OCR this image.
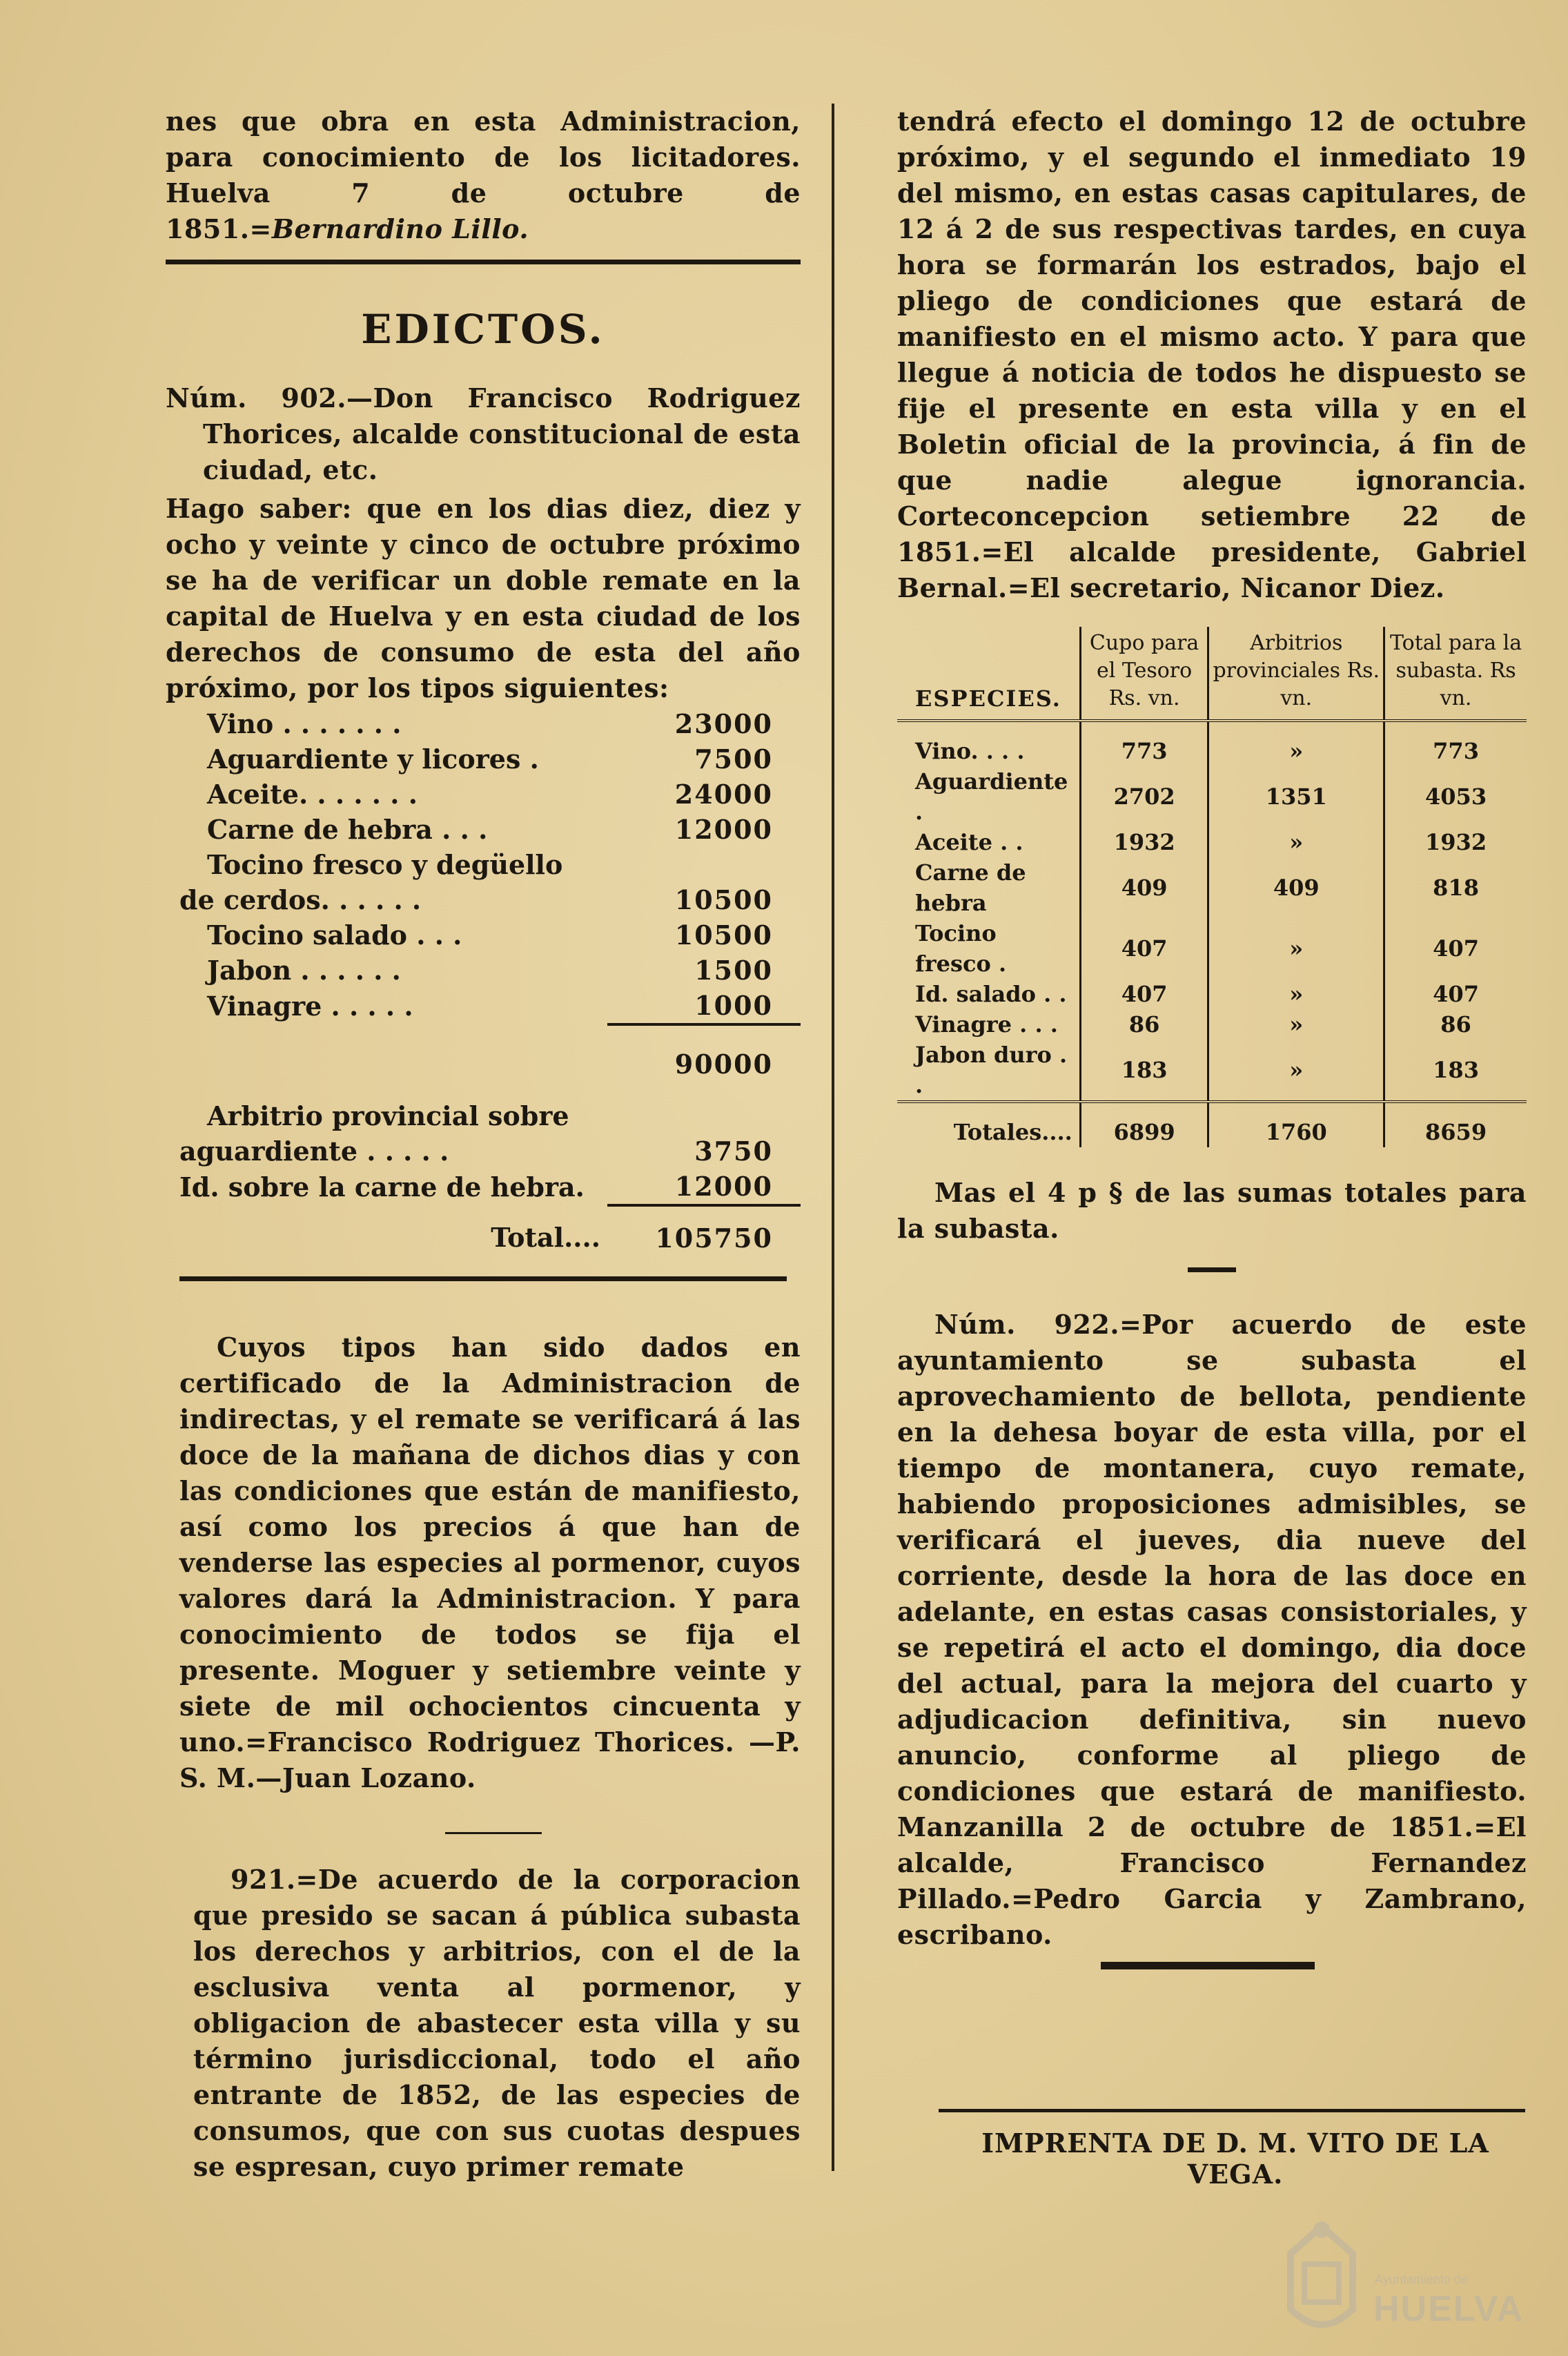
nes que obra en esta Administracion, para conocimiento de los licitadores. Huelva 7 de octubre de 1851.=Bernardino Lillo.

EDICTOS.

Núm. 902.—Don Francisco Rodriguez Thorices, alcalde constitucional de esta ciudad, etc.

Hago saber: que en los dias diez, diez y ocho y veinte y cinco de octubre próximo se ha de verificar un doble remate en la capital de Huelva y en esta ciudad de los derechos de consumo de esta del año próximo, por los tipos siguientes:

Vino . . . . . . .	23000
Aguardiente y licores .	7500
Aceite. . . . . . .	24000
Carne de hebra . . .	12000
Tocino fresco y degüello	
de cerdos. . . . . .	10500
Tocino salado . . .	10500
Jabon . . . . . .	1500
Vinagre . . . . .	1000
	90000
Arbitrio provincial sobre	
aguardiente . . . . .	3750
Id. sobre la carne de hebra.	12000
Total....	105750

Cuyos tipos han sido dados en certificado de la Administracion de indirectas, y el remate se verificará á las doce de la mañana de dichos dias y con las condiciones que están de manifiesto, así como los precios á que han de venderse las especies al pormenor, cuyos valores dará la Administracion. Y para conocimiento de todos se fija el presente. Moguer y setiembre veinte y siete de mil ochocientos cincuenta y uno.=Francisco Rodriguez Thorices. —P. S. M.—Juan Lozano.

921.=De acuerdo de la corporacion que presido se sacan á pública subasta los derechos y arbitrios, con el de la esclusiva venta al pormenor, y obligacion de abastecer esta villa y su término jurisdiccional, todo el año entrante de 1852, de las especies de consumos, que con sus cuotas despues se espresan, cuyo primer remate

tendrá efecto el domingo 12 de octubre próximo, y el segundo el inmediato 19 del mismo, en estas casas capitulares, de 12 á 2 de sus respectivas tardes, en cuya hora se formarán los estrados, bajo el pliego de condiciones que estará de manifiesto en el mismo acto. Y para que llegue á noticia de todos he dispuesto se fije el presente en esta villa y en el Boletin oficial de la provincia, á fin de que nadie alegue ignorancia. Corteconcepcion setiembre 22 de 1851.=El alcalde presidente, Gabriel Bernal.=El secretario, Nicanor Diez.

ESPECIES.	Cupo para el Tesoro Rs. vn.	Arbitrios provinciales Rs. vn.	Total para la subasta. Rs vn.
Vino. . . .	773	»	773
Aguardiente .	2702	1351	4053
Aceite . .	1932	»	1932
Carne de hebra	409	409	818
Tocino fresco .	407	»	407
Id. salado . .	407	»	407
Vinagre . . .	86	»	86
Jabon duro . .	183	»	183
Totales....	6899	1760	8659

Mas el 4 p § de las sumas totales para la subasta.

Núm. 922.=Por acuerdo de este ayuntamiento se subasta el aprovechamiento de bellota, pendiente en la dehesa boyar de esta villa, por el tiempo de montanera, cuyo remate, habiendo proposiciones admisibles, se verificará el jueves, dia nueve del corriente, desde la hora de las doce en adelante, en estas casas consistoriales, y se repetirá el acto el domingo, dia doce del actual, para la mejora del cuarto y adjudicacion definitiva, sin nuevo anuncio, conforme al pliego de condiciones que estará de manifiesto. Manzanilla 2 de octubre de 1851.=El alcalde, Francisco Fernandez Pillado.=Pedro Garcia y Zambrano, escribano.

IMPRENTA DE D. M. VITO DE LA VEGA.
Ayuntamiento de
HUELVA
